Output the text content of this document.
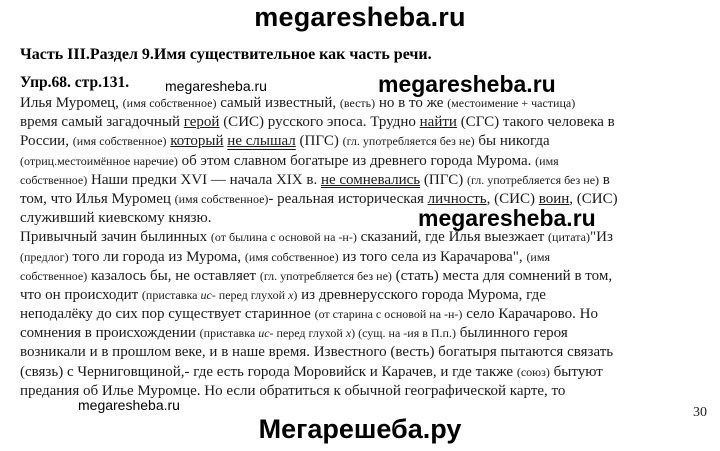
megaresheba.ru
Часть III.Раздел 9.Имя существительное как часть речи.
Упр.68. стр.131.	megaresheba.ru	megaresheba.ru
Илья Муромец, (имя собственное) самый известный, (весть) но в то же (местоимение + частица)
время самый загадочный герой (СИС) русского эпоса. Трудно найти (СГС) такого человека в
России, (имя собственное) который не слышал (ПГС) (гл. употребляется без не) бы никогда
(отриц.местоимённое наречие) об этом славном богатыре из древнего города Мурома. (имя
собственное) Наши предки XVI — начала XIX в. не сомневались (ПГС) (гл. употребляется без не) в
том, что Илья Муромец (имя собственное)- реальная историческая личность, (СИС) воин, (СИС)
служивший киевскому князю.
Привычный зачин былинных (от былина с основой на -н-) сказаний, где Илья выезжает (цитата)"Из
(предлог) того ли города из Мурома, (имя собственное) из того села из Карачарова", (имя
собственное) казалось бы, не оставляет (гл. употребляется без не) (стать) места для сомнений в том,
что он происходит (приставка ис- перед глухой х) из древнерусского города Мурома, где
неподалёку до сих пор существует старинное (от старина с основой на -н-) село Карачарово. Но
сомнения в происхождении (приставка ис- перед глухой х) (сущ. на -ия в П.п.) былинного героя
возникали и в прошлом веке, и в наше время. Известного (весть) богатыря пытаются связать
(связь) с Черниговщиной,- где есть города Моровийск и Карачев, и где также (союз) бытуют
предания об Илье Муромце. Но если обратиться к обычной географической карте, то
megaresheba.ru
megaresheba.ru	30
Мегарешеба.ру
